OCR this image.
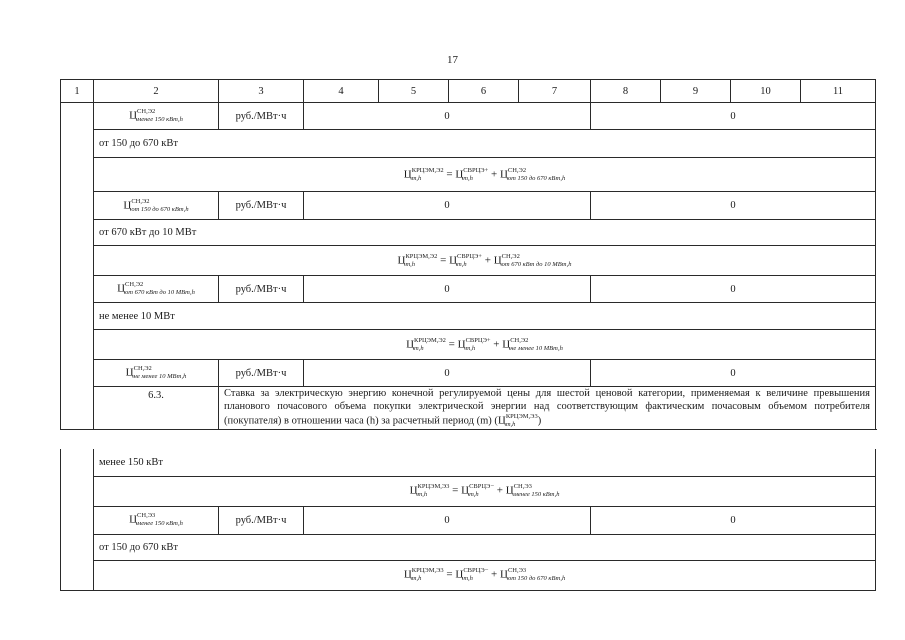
17
1	2	3	4	5	6	7	8	9	10	11
	ЦСН,Э2
менее 150 кВт,h	руб./МВт·ч	0				0			
	от 150 до 670 кВт									
	ЦКРЦЭМ,Э2
m,h = ЦСВРЦЭ+
m,h + ЦСН,Э2
от 150 до 670 кВт,h									
	ЦСН,Э2
от 150 до 670 кВт,h	руб./МВт·ч	0				0			
	от 670 кВт до 10 МВт									
	ЦКРЦЭМ,Э2
m,h = ЦСВРЦЭ+
m,h + ЦСН,Э2
от 670 кВт до 10 МВт,h									
	ЦСН,Э2
от 670 кВт до 10 МВт,h	руб./МВт·ч	0				0			
	не менее 10 МВт									
	ЦКРЦЭМ,Э2
m,h = ЦСВРЦЭ+
m,h + ЦСН,Э2
не менее 10 МВт,h									
	ЦСН,Э2
не менее 10 МВт,h	руб./МВт·ч	0				0			
	6.3.	Ставка за электрическую энергию конечной регулируемой цены для шестой ценовой категории, применяемая к величине превышения планового почасового объема покупки электрической энергии над соответствующим фактическим почасовым объемом потребителя (покупателя) в отношении часа (h) за расчетный период (m) (ЦКРЦЭМ,Э3
m,h )								
	менее 150 кВт			
	ЦКРЦЭМ,Э3
m,h = ЦСВРЦЭ−
m,h + ЦСН,Э3
менее 150 кВт,h			
	ЦСН,Э3
менее 150 кВт,h	руб./МВт·ч	0	0
	от 150 до 670 кВт			
	ЦКРЦЭМ,Э3
m,h = ЦСВРЦЭ−
m,h + ЦСН,Э3
от 150 до 670 кВт,h			
